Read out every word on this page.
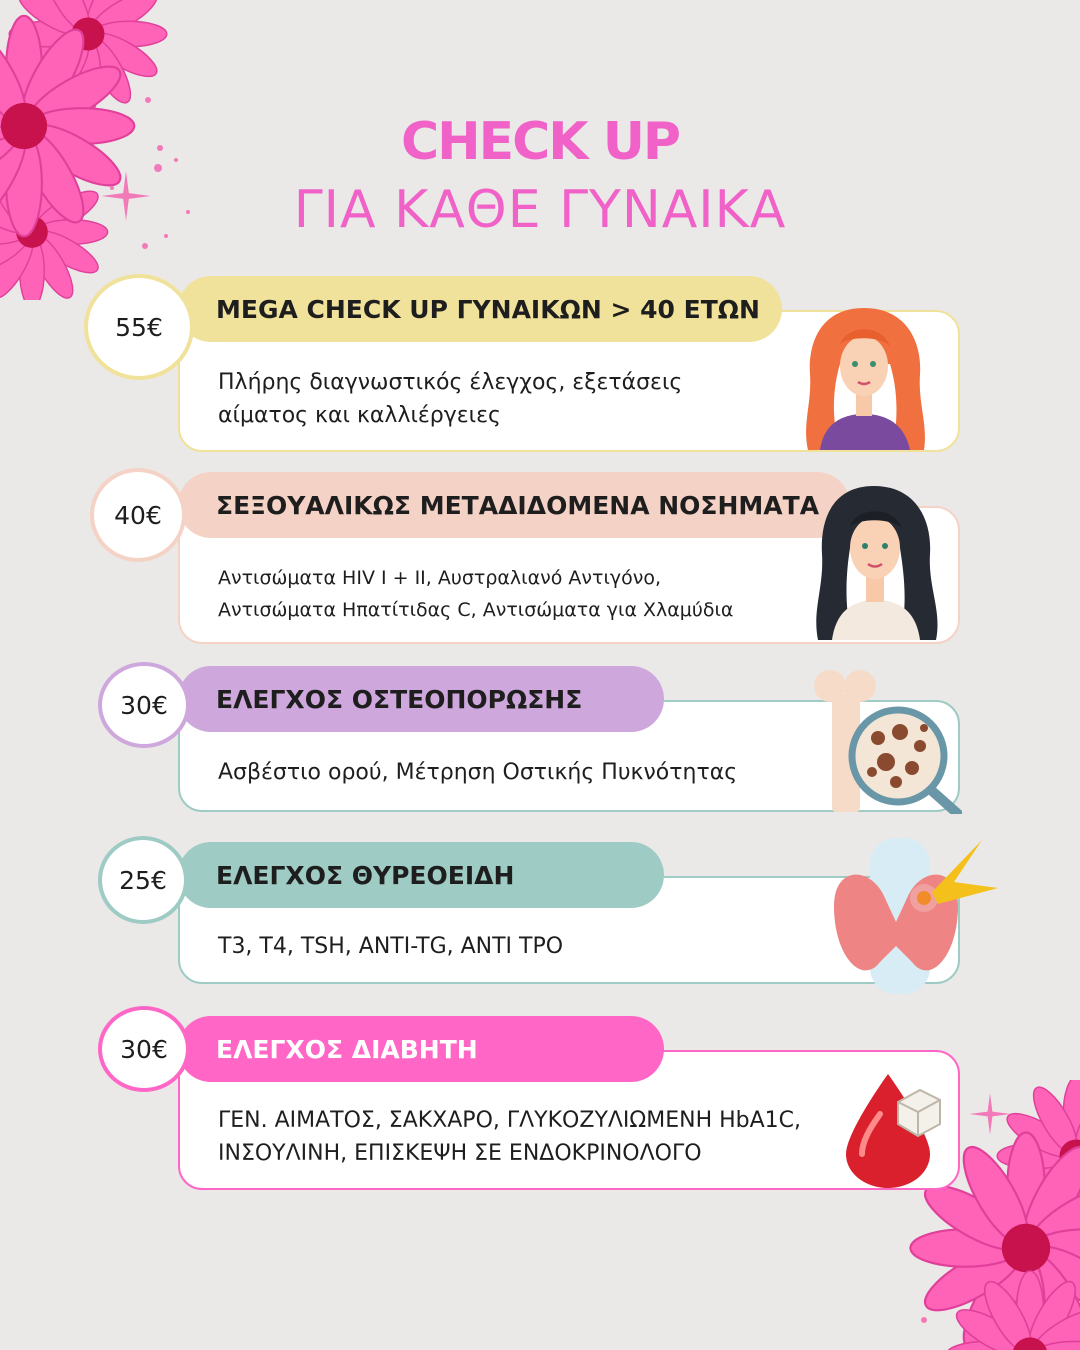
CHECK UP
ΓΙΑ ΚΑΘΕ ΓΥΝΑΙΚΑ
Πλήρης διαγνωστικός έλεγχος, εξετάσεις
αίματος και καλλιέργειες
MEGA CHECK UP ΓΥΝΑΙΚΩΝ > 40 ΕΤΩΝ
55€
Αντισώματα HIV I + II, Αυστραλιανό Αντιγόνο,
Αντισώματα Ηπατίτιδας C, Αντισώματα για Χλαμύδια
ΣΕΞΟΥΑΛΙΚΩΣ ΜΕΤΑΔΙΔΟΜΕΝΑ ΝΟΣΗΜΑΤΑ
40€
Ασβέστιο ορού, Μέτρηση Οστικής Πυκνότητας
ΕΛΕΓΧΟΣ ΟΣΤΕΟΠΟΡΩΣΗΣ
30€
T3, T4, TSH, ANTI-TG, ANTI TPO
ΕΛΕΓΧΟΣ ΘΥΡΕΟΕΙΔΗ
25€
ΓΕΝ. ΑΙΜΑΤΟΣ, ΣΑΚΧΑΡΟ, ΓΛΥΚΟΖΥΛΙΩΜΕΝΗ HbA1C,
ΙΝΣΟΥΛΙΝΗ, ΕΠΙΣΚΕΨΗ ΣΕ ΕΝΔΟΚΡΙΝΟΛΟΓΟ
ΕΛΕΓΧΟΣ ΔΙΑΒΗΤΗ
30€
